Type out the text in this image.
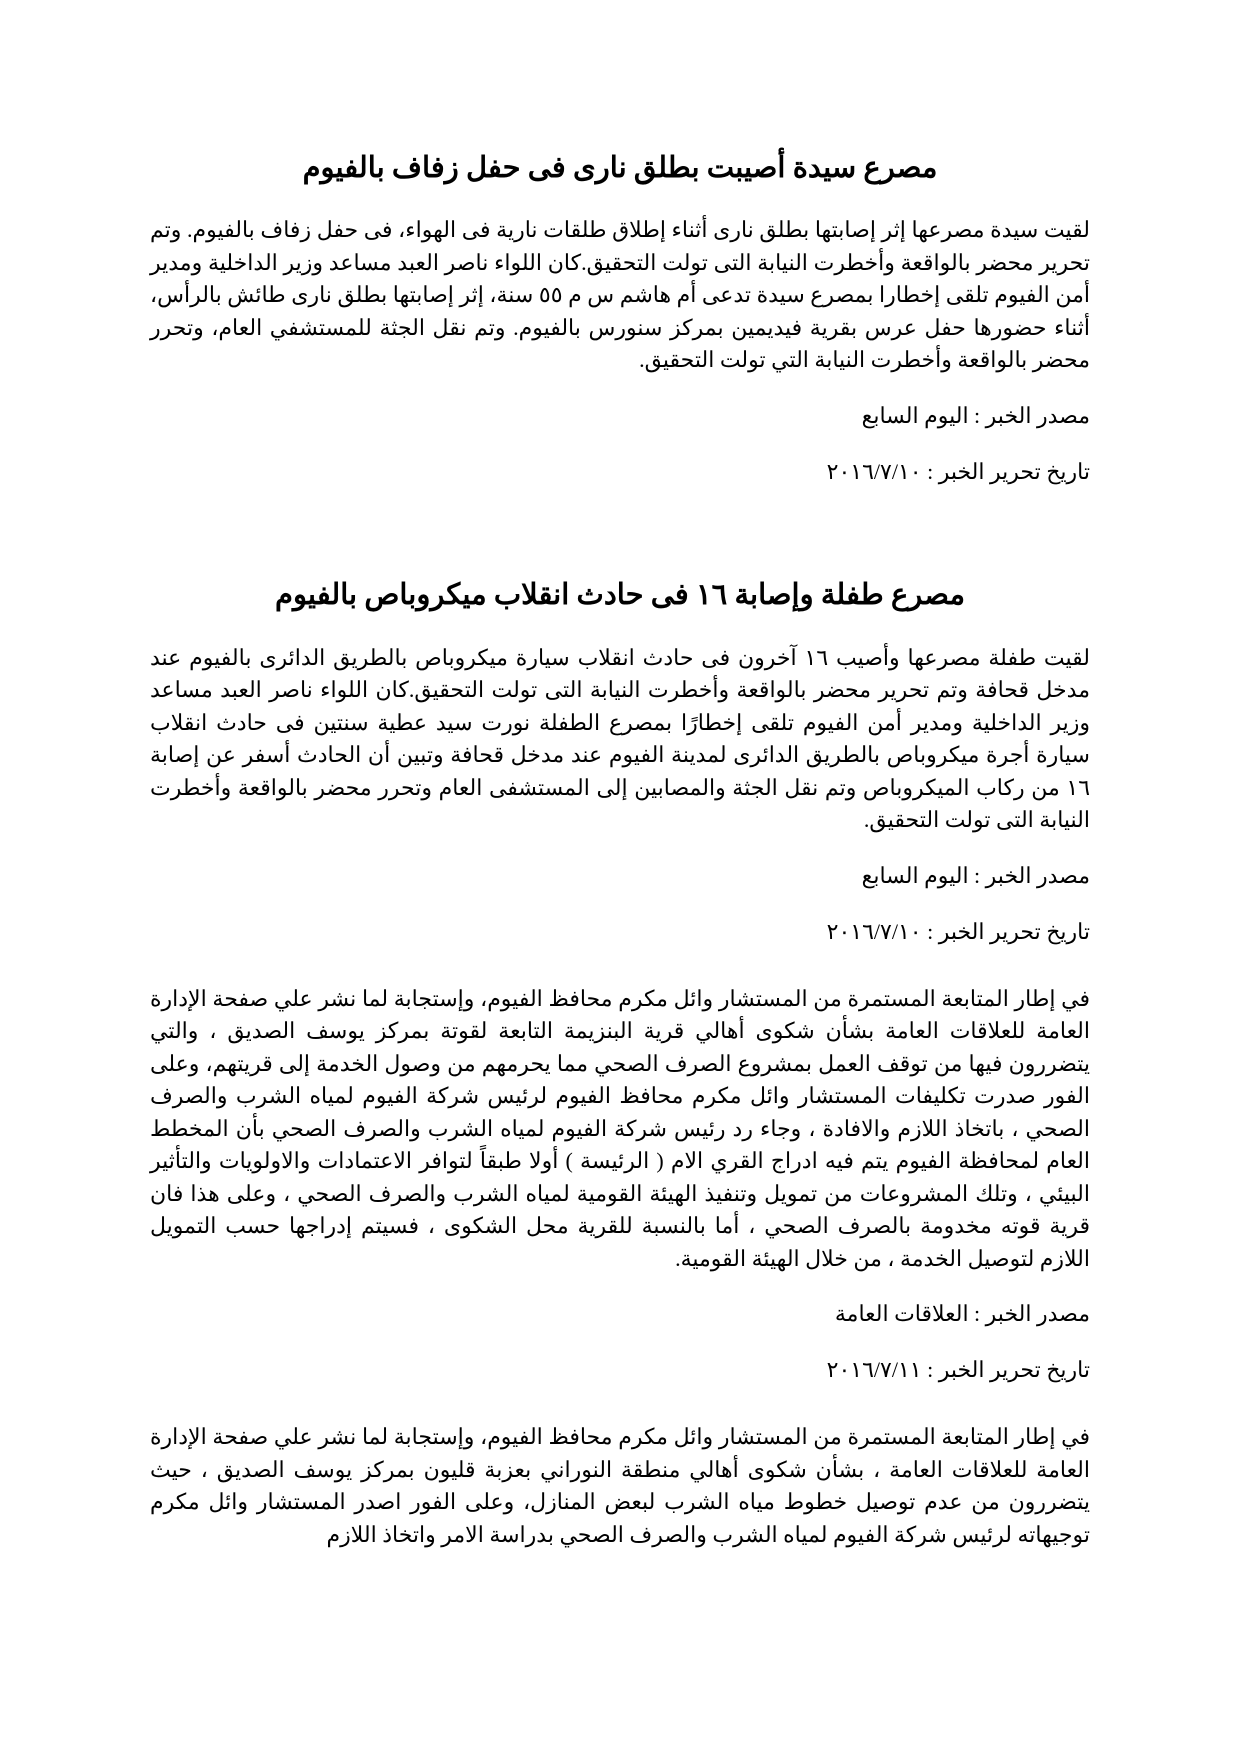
مصرع سيدة أصيبت بطلق نارى فى حفل زفاف بالفيوم

لقيت سيدة مصرعها إثر إصابتها بطلق نارى أثناء إطلاق طلقات نارية فى الهواء، فى حفل زفاف بالفيوم. وتم تحرير محضر بالواقعة وأخطرت النيابة التى تولت التحقيق.كان اللواء ناصر العبد مساعد وزير الداخلية ومدير أمن الفيوم تلقى إخطارا بمصرع سيدة تدعى أم هاشم س م ٥٥ سنة، إثر إصابتها بطلق نارى طائش بالرأس، أثناء حضورها حفل عرس بقرية فيديمين بمركز سنورس بالفيوم. وتم نقل الجثة للمستشفي العام، وتحرر محضر بالواقعة وأخطرت النيابة التي تولت التحقيق.

مصدر الخبر : اليوم السابع

تاريخ تحرير الخبر : ٢٠١٦/٧/١٠

مصرع طفلة وإصابة ١٦ فى حادث انقلاب ميكروباص بالفيوم

لقيت طفلة مصرعها وأصيب ١٦ آخرون فى حادث انقلاب سيارة ميكروباص بالطريق الدائرى بالفيوم عند مدخل قحافة وتم تحرير محضر بالواقعة وأخطرت النيابة التى تولت التحقيق.كان اللواء ناصر العبد مساعد وزير الداخلية ومدير أمن الفيوم تلقى إخطارًا بمصرع الطفلة نورت سيد عطية سنتين فى حادث انقلاب سيارة أجرة ميكروباص بالطريق الدائرى لمدينة الفيوم عند مدخل قحافة وتبين أن الحادث أسفر عن إصابة ١٦ من ركاب الميكروباص وتم نقل الجثة والمصابين إلى المستشفى العام وتحرر محضر بالواقعة وأخطرت النيابة التى تولت التحقيق.

مصدر الخبر : اليوم السابع

تاريخ تحرير الخبر : ٢٠١٦/٧/١٠

في إطار المتابعة المستمرة من المستشار وائل مكرم محافظ الفيوم، وإستجابة لما نشر علي صفحة الإدارة العامة للعلاقات العامة بشأن شكوى أهالي قرية البنزيمة التابعة لقوتة بمركز يوسف الصديق ، والتي يتضررون فيها من توقف العمل بمشروع الصرف الصحي مما يحرمهم من وصول الخدمة إلى قريتهم، وعلى الفور صدرت تكليفات المستشار وائل مكرم محافظ الفيوم لرئيس شركة الفيوم لمياه الشرب والصرف الصحي ، باتخاذ اللازم والافادة ، وجاء رد رئيس شركة الفيوم لمياه الشرب والصرف الصحي بأن المخطط العام لمحافظة الفيوم يتم فيه ادراج القري الام ( الرئيسة ) أولا طبقاً لتوافر الاعتمادات والاولويات والتأثير البيئي ، وتلك المشروعات من تمويل وتنفيذ الهيئة القومية لمياه الشرب والصرف الصحي ، وعلى هذا فان قرية قوته مخدومة بالصرف الصحي ، أما بالنسبة للقرية محل الشكوى ، فسيتم إدراجها حسب التمويل اللازم لتوصيل الخدمة ، من خلال الهيئة القومية.

مصدر الخبر : العلاقات العامة

تاريخ تحرير الخبر : ٢٠١٦/٧/١١

في إطار المتابعة المستمرة من المستشار وائل مكرم محافظ الفيوم، وإستجابة لما نشر علي صفحة الإدارة العامة للعلاقات العامة ، بشأن شكوى أهالي منطقة النوراني بعزبة قليون بمركز يوسف الصديق ، حيث يتضررون من عدم توصيل خطوط مياه الشرب لبعض المنازل، وعلى الفور اصدر المستشار وائل مكرم توجيهاته لرئيس شركة الفيوم لمياه الشرب والصرف الصحي بدراسة الامر واتخاذ اللازم
